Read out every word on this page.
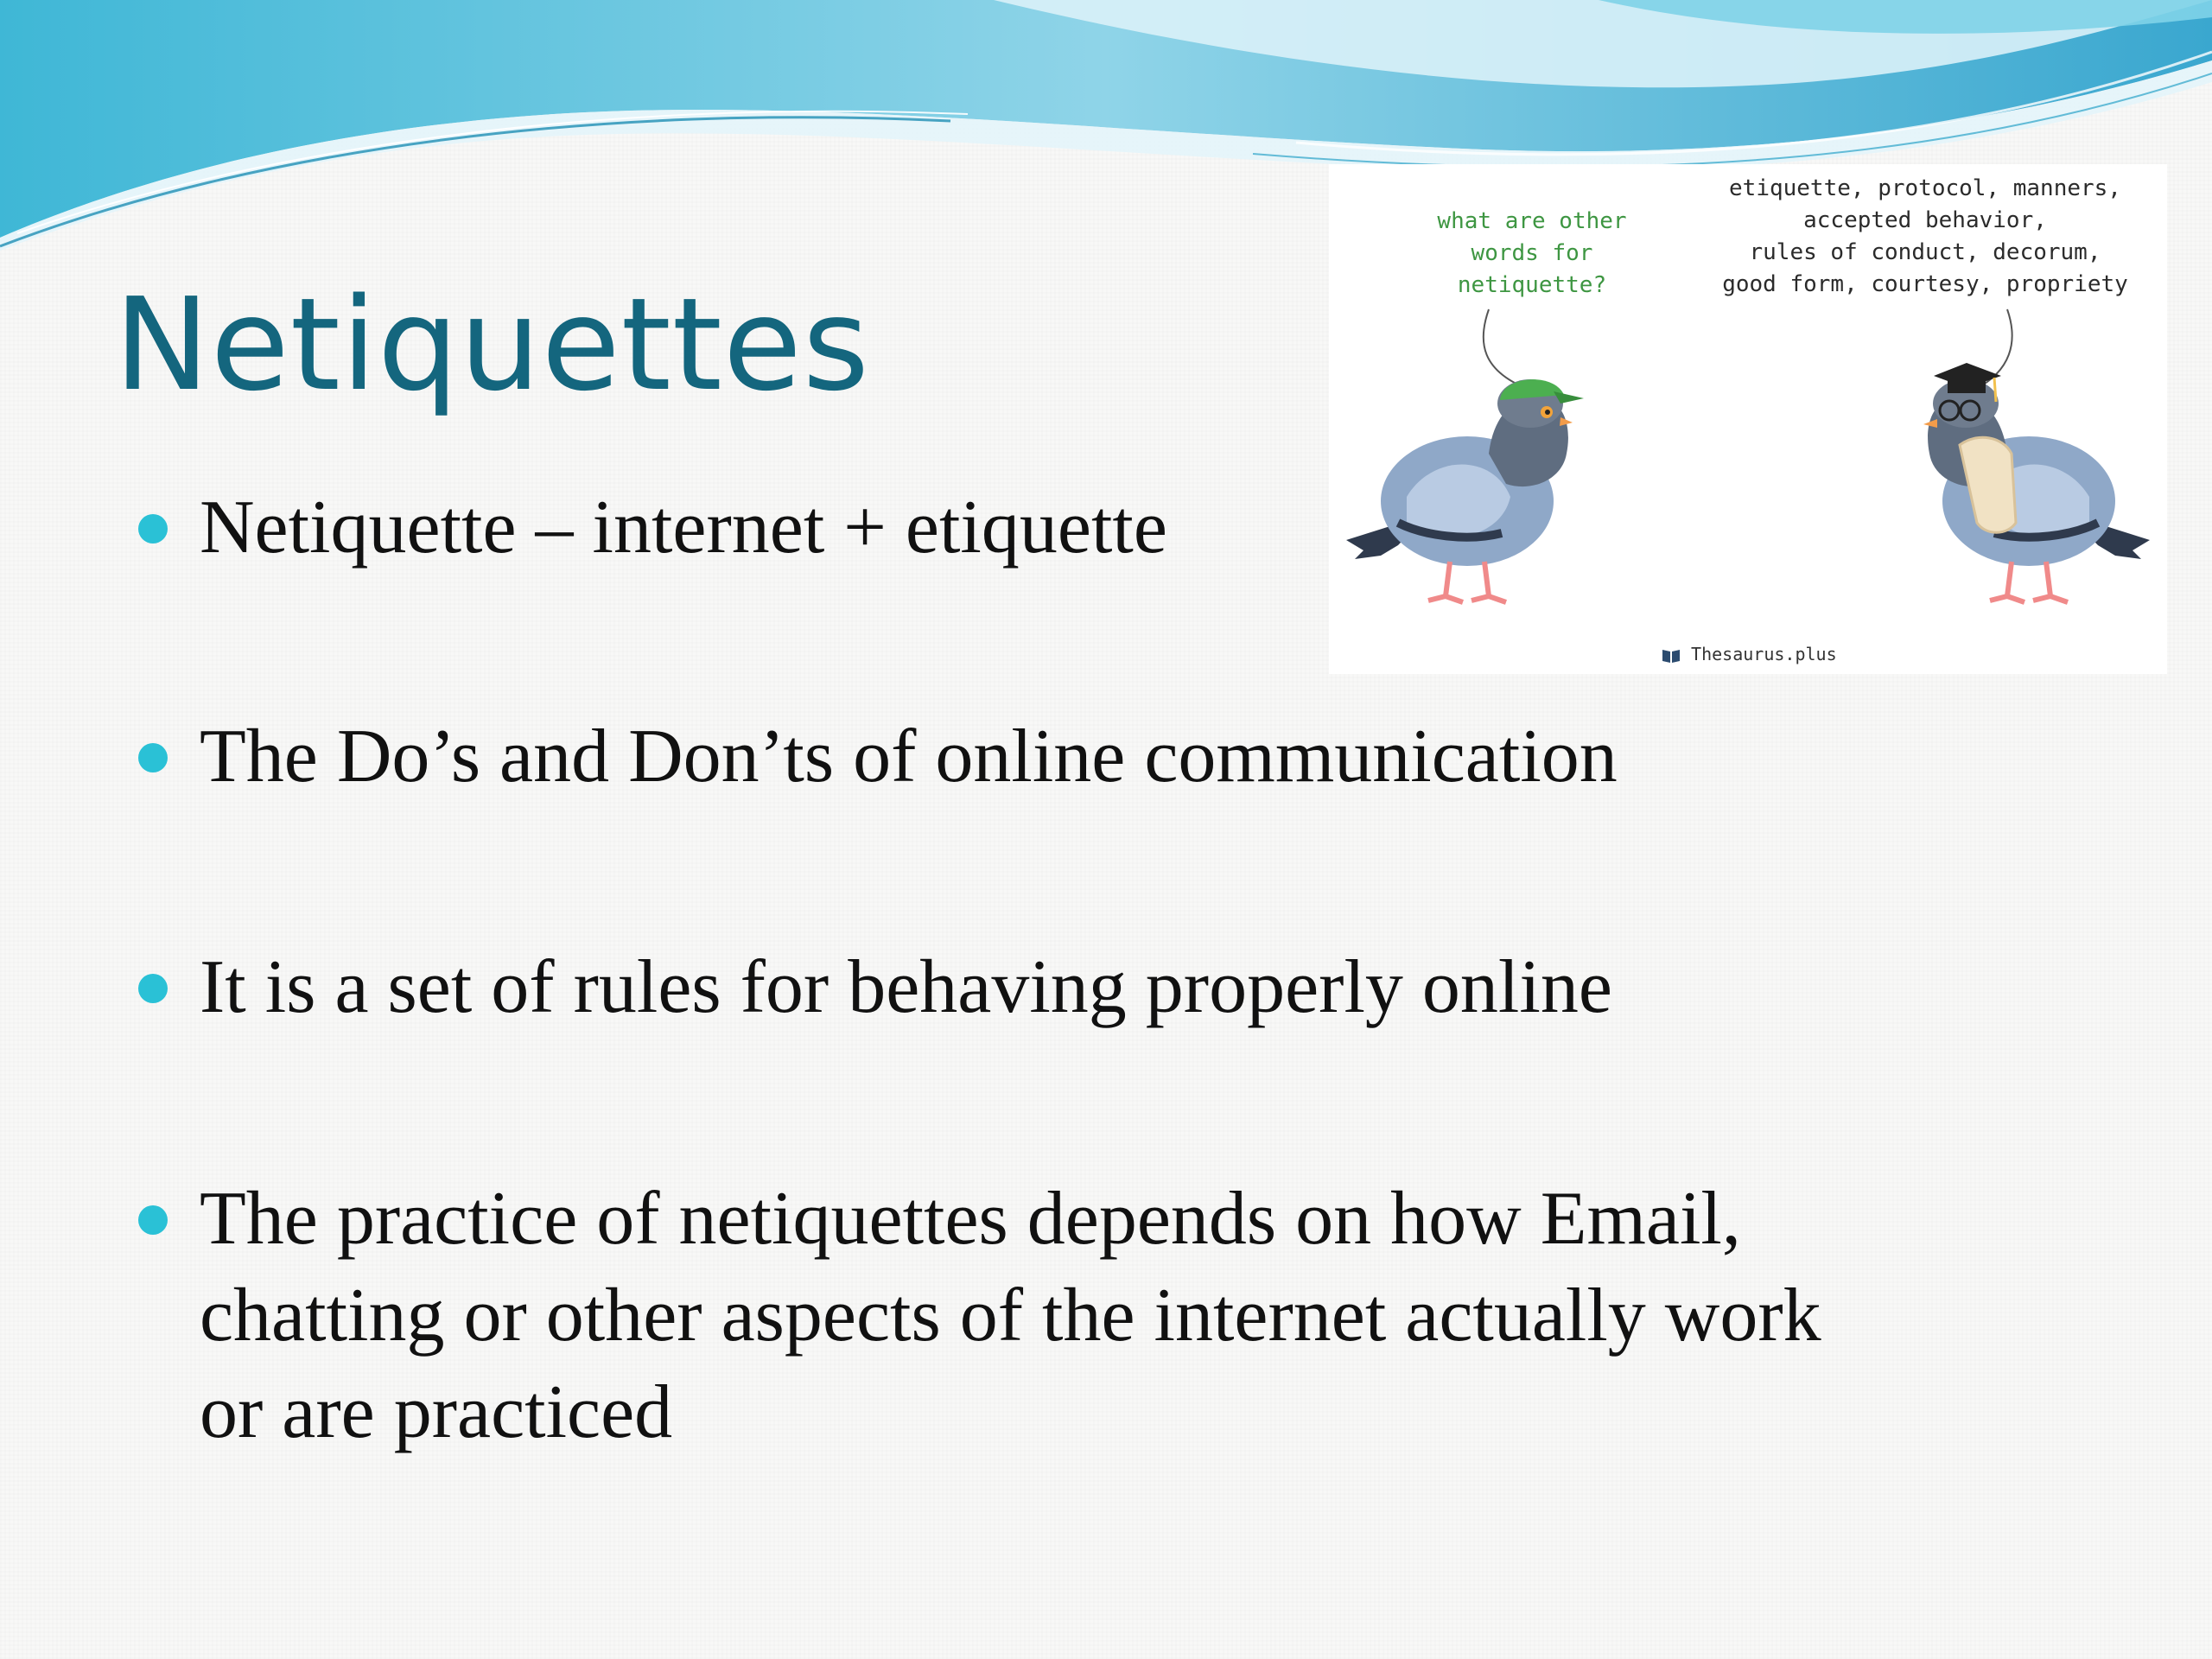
Netiquettes
Netiquette – internet + etiquette
The Do’s and Don’ts of online communication
It is a set of rules for behaving properly online
The practice of netiquettes depends on how Email,
chatting or other aspects of the internet actually work
or are practiced
what are other
words for
netiquette?
etiquette, protocol, manners,
accepted behavior,
rules of conduct, decorum,
good form, courtesy, propriety
Thesaurus.plus
